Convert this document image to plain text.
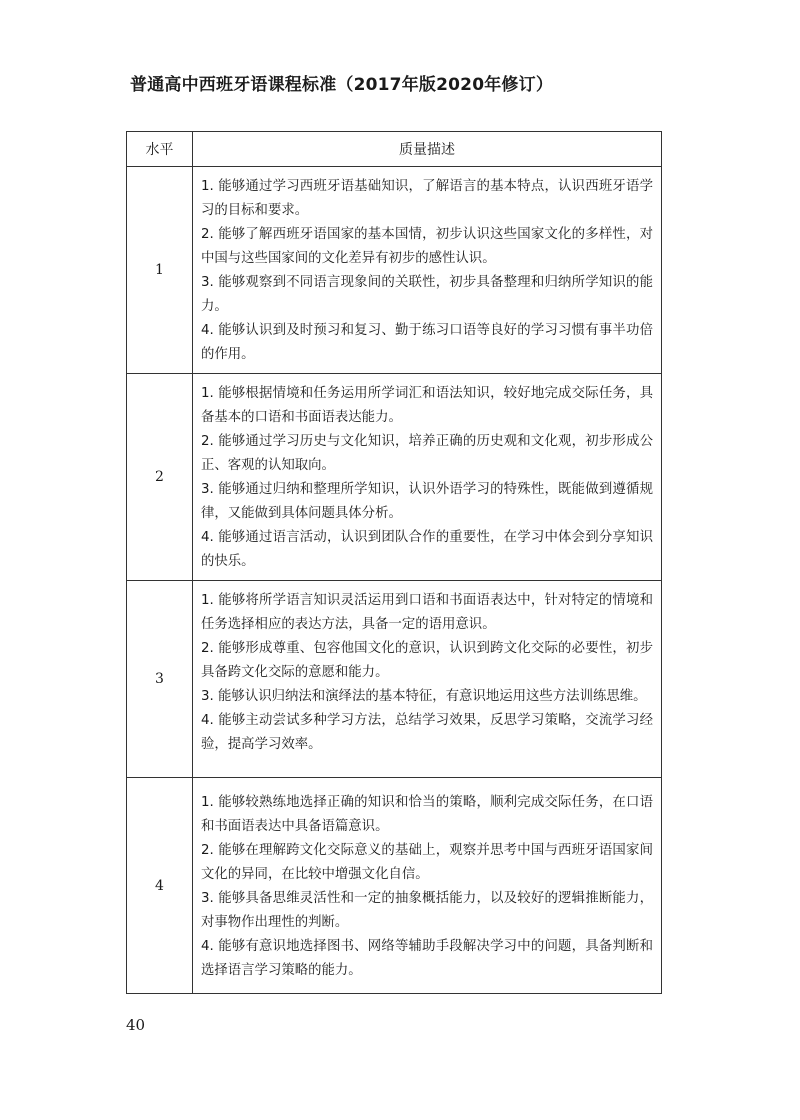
普通高中西班牙语课程标准（2017年版2020年修订）
水平	质量描述
1	1. 能够通过学习西班牙语基础知识，了解语言的基本特点，认识西班牙语学习的目标和要求。

2. 能够了解西班牙语国家的基本国情，初步认识这些国家文化的多样性，对中国与这些国家间的文化差异有初步的感性认识。

3. 能够观察到不同语言现象间的关联性，初步具备整理和归纳所学知识的能力。

4. 能够认识到及时预习和复习、勤于练习口语等良好的学习习惯有事半功倍的作用。

2	1. 能够根据情境和任务运用所学词汇和语法知识，较好地完成交际任务，具备基本的口语和书面语表达能力。

2. 能够通过学习历史与文化知识，培养正确的历史观和文化观，初步形成公正、客观的认知取向。

3. 能够通过归纳和整理所学知识，认识外语学习的特殊性，既能做到遵循规律，又能做到具体问题具体分析。

4. 能够通过语言活动，认识到团队合作的重要性，在学习中体会到分享知识的快乐。

3	1. 能够将所学语言知识灵活运用到口语和书面语表达中，针对特定的情境和任务选择相应的表达方法，具备一定的语用意识。

2. 能够形成尊重、包容他国文化的意识，认识到跨文化交际的必要性，初步具备跨文化交际的意愿和能力。

3. 能够认识归纳法和演绎法的基本特征，有意识地运用这些方法训练思维。

4. 能够主动尝试多种学习方法，总结学习效果，反思学习策略，交流学习经验，提高学习效率。

4	1. 能够较熟练地选择正确的知识和恰当的策略，顺利完成交际任务，在口语和书面语表达中具备语篇意识。

2. 能够在理解跨文化交际意义的基础上，观察并思考中国与西班牙语国家间文化的异同，在比较中增强文化自信。

3. 能够具备思维灵活性和一定的抽象概括能力，以及较好的逻辑推断能力，对事物作出理性的判断。

4. 能够有意识地选择图书、网络等辅助手段解决学习中的问题，具备判断和选择语言学习策略的能力。

40
